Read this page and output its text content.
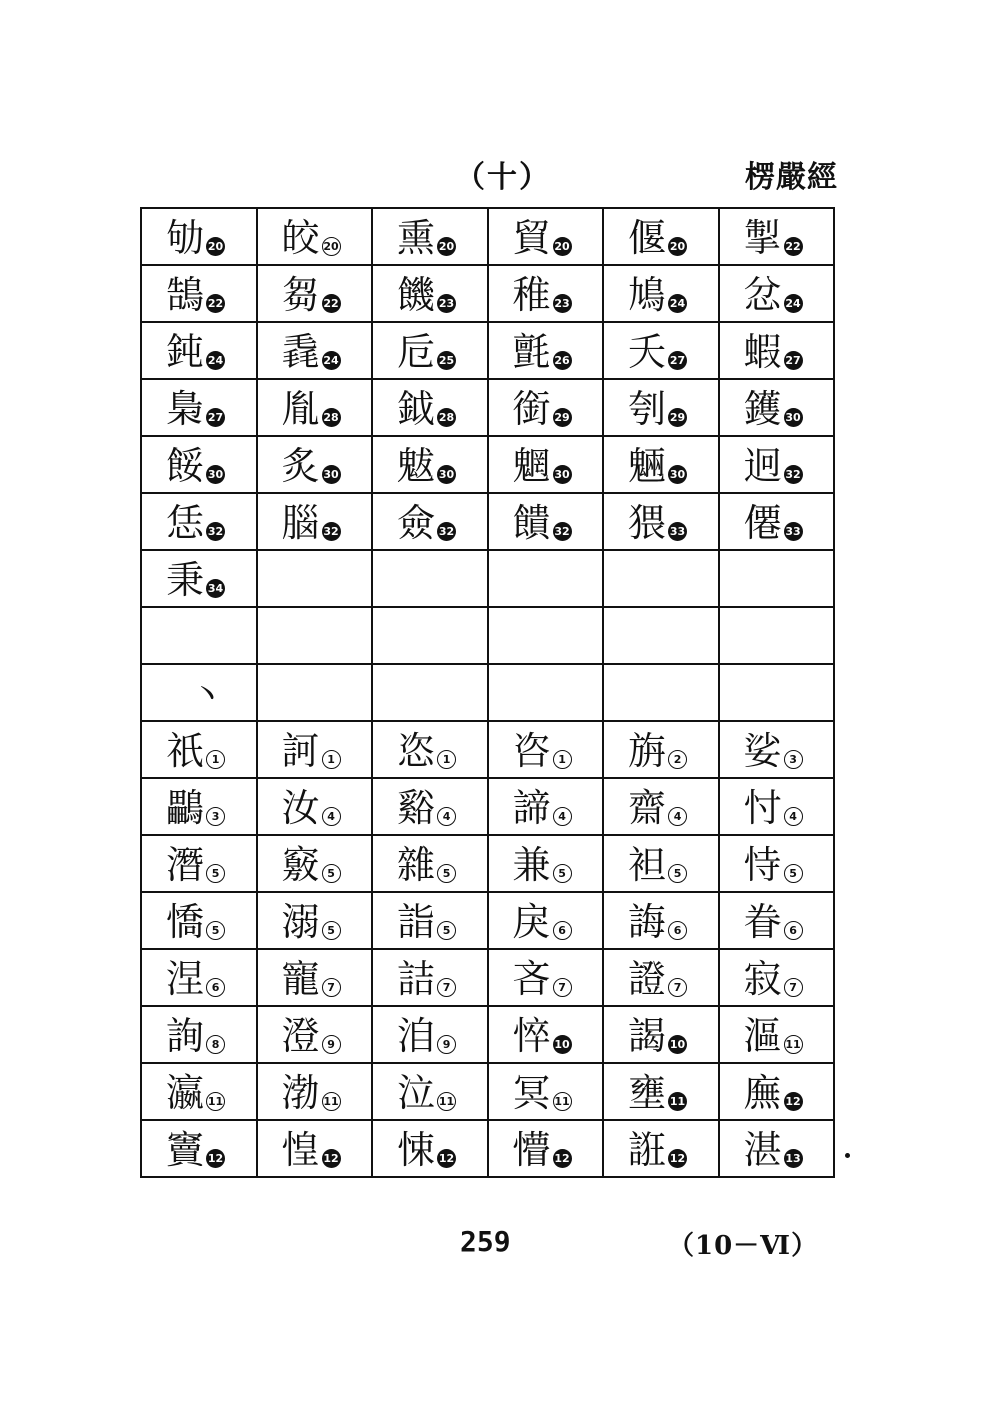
（十）	楞嚴經
劬 20	皎 20	熏 20	貿 20	偃 20	掣 22

鵠 22	芻 22	饑 23	稚 23	鳩 24	忿 24

鈍 24	毳 24	卮 25	氈 26	夭 27	蝦 27

梟 27	胤 28	鉞 28	銜 29	刳 29	鑊 30

餒 30	炙 30	魃 30	魍 30	魎 30	迥 32

恁 32	腦 32	僉 32	饋 32	猥 33	僊 33

秉 34					

丶					

祇 1	訶 1	恣 1	咨 1	旃 2	娑 3

鸓 3	汝 4	谿 4	諦 4	齋 4	忖 4

潛 5	竅 5	雜 5	兼 5	袒 5	恃 5

憍 5	溺 5	詣 5	戾 6	誨 6	眷 6

涅 6	寵 7	詰 7	吝 7	證 7	寂 7

詢 8	澄 9	洎 9	悴 10	謁 10	漚 11

瀛 11	渤 11	泣 11	冥 11	壅 11	廡 12

竇 12	惶 12	悚 12	懵 12	誑 12	湛 13
259	（10－Ⅵ）
